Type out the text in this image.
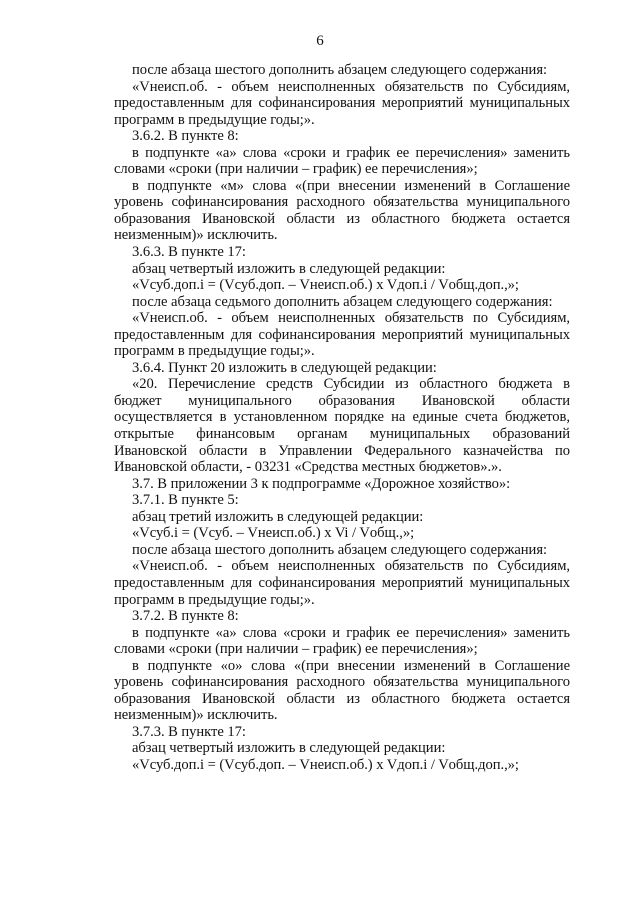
6

после абзаца шестого дополнить абзацем следующего содержания:

«Vнеисп.об. - объем неисполненных обязательств по Субсидиям, предоставленным для софинансирования мероприятий муниципальных программ в предыдущие годы;».

3.6.2. В пункте 8:

в подпункте «а» слова «сроки и график ее перечисления» заменить словами «сроки (при наличии – график) ее перечисления»;

в подпункте «м» слова «(при внесении изменений в Соглашение уровень софинансирования расходного обязательства муниципального образования Ивановской области из областного бюджета остается неизменным)» исключить.

3.6.3. В пункте 17:

абзац четвертый изложить в следующей редакции:

«Vсуб.доп.i = (Vсуб.доп. – Vнеисп.об.) x Vдоп.i / Vобщ.доп.,»;

после абзаца седьмого дополнить абзацем следующего содержания:

«Vнеисп.об. - объем неисполненных обязательств по Субсидиям, предоставленным для софинансирования мероприятий муниципальных программ в предыдущие годы;».

3.6.4. Пункт 20 изложить в следующей редакции:

«20. Перечисление средств Субсидии из областного бюджета в бюджет муниципального образования Ивановской области осуществляется в установленном порядке на единые счета бюджетов, открытые финансовым органам муниципальных образований Ивановской области в Управлении Федерального казначейства по Ивановской области, - 03231 «Средства местных бюджетов».».

3.7. В приложении 3 к подпрограмме «Дорожное хозяйство»:

3.7.1. В пункте 5:

абзац третий изложить в следующей редакции:

«Vсуб.i = (Vсуб. – Vнеисп.об.) x Vi / Vобщ.,»;

после абзаца шестого дополнить абзацем следующего содержания:

«Vнеисп.об. - объем неисполненных обязательств по Субсидиям, предоставленным для софинансирования мероприятий муниципальных программ в предыдущие годы;».

3.7.2. В пункте 8:

в подпункте «а» слова «сроки и график ее перечисления» заменить словами «сроки (при наличии – график) ее перечисления»;

в подпункте «о» слова «(при внесении изменений в Соглашение уровень софинансирования расходного обязательства муниципального образования Ивановской области из областного бюджета остается неизменным)» исключить.

3.7.3. В пункте 17:

абзац четвертый изложить в следующей редакции:

«Vсуб.доп.i = (Vсуб.доп. – Vнеисп.об.) x Vдоп.i / Vобщ.доп.,»;
